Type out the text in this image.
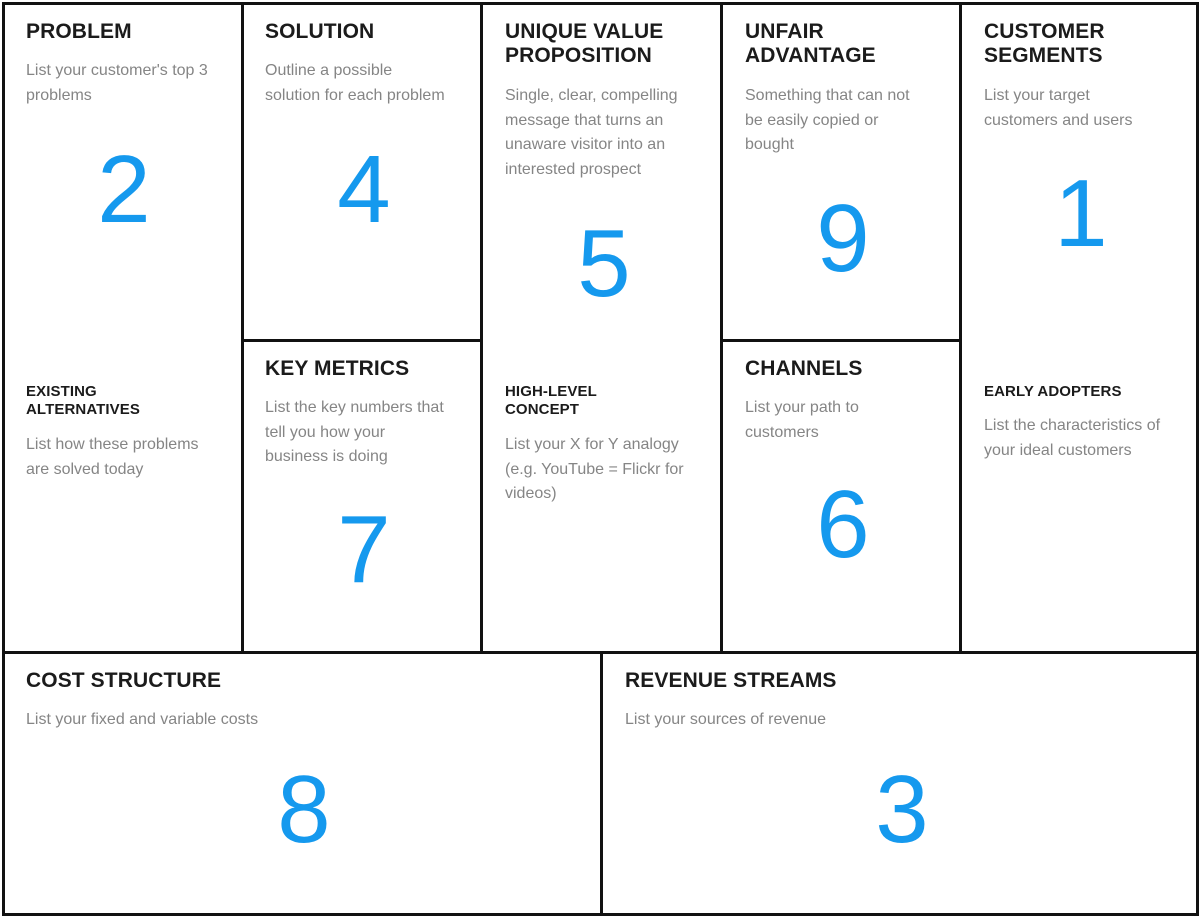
PROBLEM
List your customer's top 3
problems
2
EXISTING
ALTERNATIVES
List how these problems
are solved today
SOLUTION
Outline a possible
solution for each problem
4
KEY METRICS
List the key numbers that
tell you how your
business is doing
7
UNIQUE VALUE
PROPOSITION
Single, clear, compelling
message that turns an
unaware visitor into an
interested prospect
5
HIGH-LEVEL
CONCEPT
List your X for Y analogy
(e.g. YouTube = Flickr for
videos)
UNFAIR
ADVANTAGE
Something that can not
be easily copied or
bought
9
CHANNELS
List your path to
customers
6
CUSTOMER
SEGMENTS
List your target
customers and users
1
EARLY ADOPTERS
List the characteristics of
your ideal customers
COST STRUCTURE
List your fixed and variable costs
8
REVENUE STREAMS
List your sources of revenue
3
